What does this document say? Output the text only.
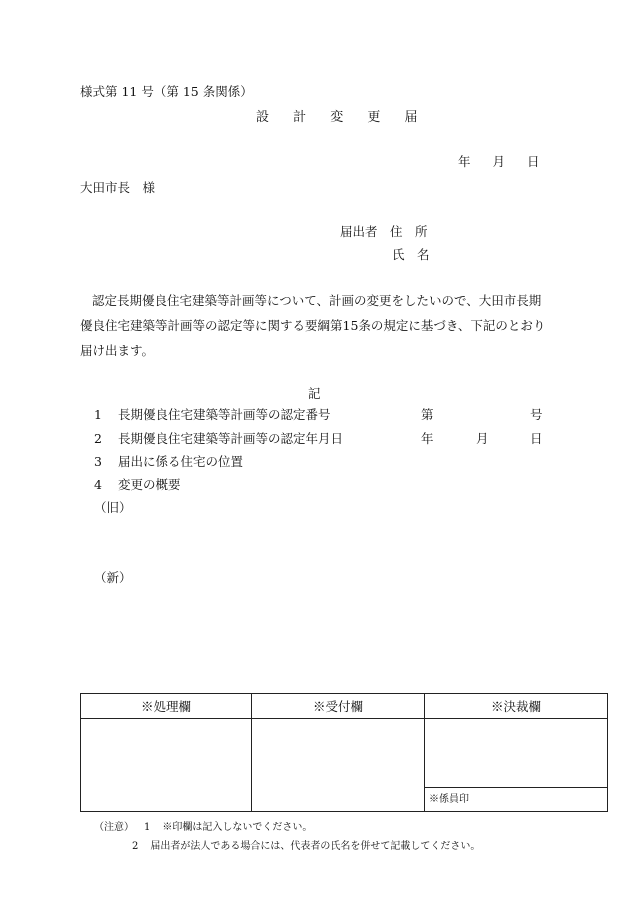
様式第 11 号（第 15 条関係）
設 計 変 更 届
年 月 日
大田市長　様
届出者　住　所
氏　名
認定長期優良住宅建築等計画等について、計画の変更をしたいので、大田市長期優良住宅建築等計画等の認定等に関する要綱第15条の規定に基づき、下記のとおり届け出ます。
記
1 長期優良住宅建築等計画等の認定番号	第	号
2 長期優良住宅建築等計画等の認定年月日	年	月	日
3 届出に係る住宅の位置
4 変更の概要
（旧）
（新）
※処理欄	※受付欄	※決裁欄

		※係員印
（注意） 1 ※印欄は記入しないでください。
2 届出者が法人である場合には、代表者の氏名を併せて記載してください。
